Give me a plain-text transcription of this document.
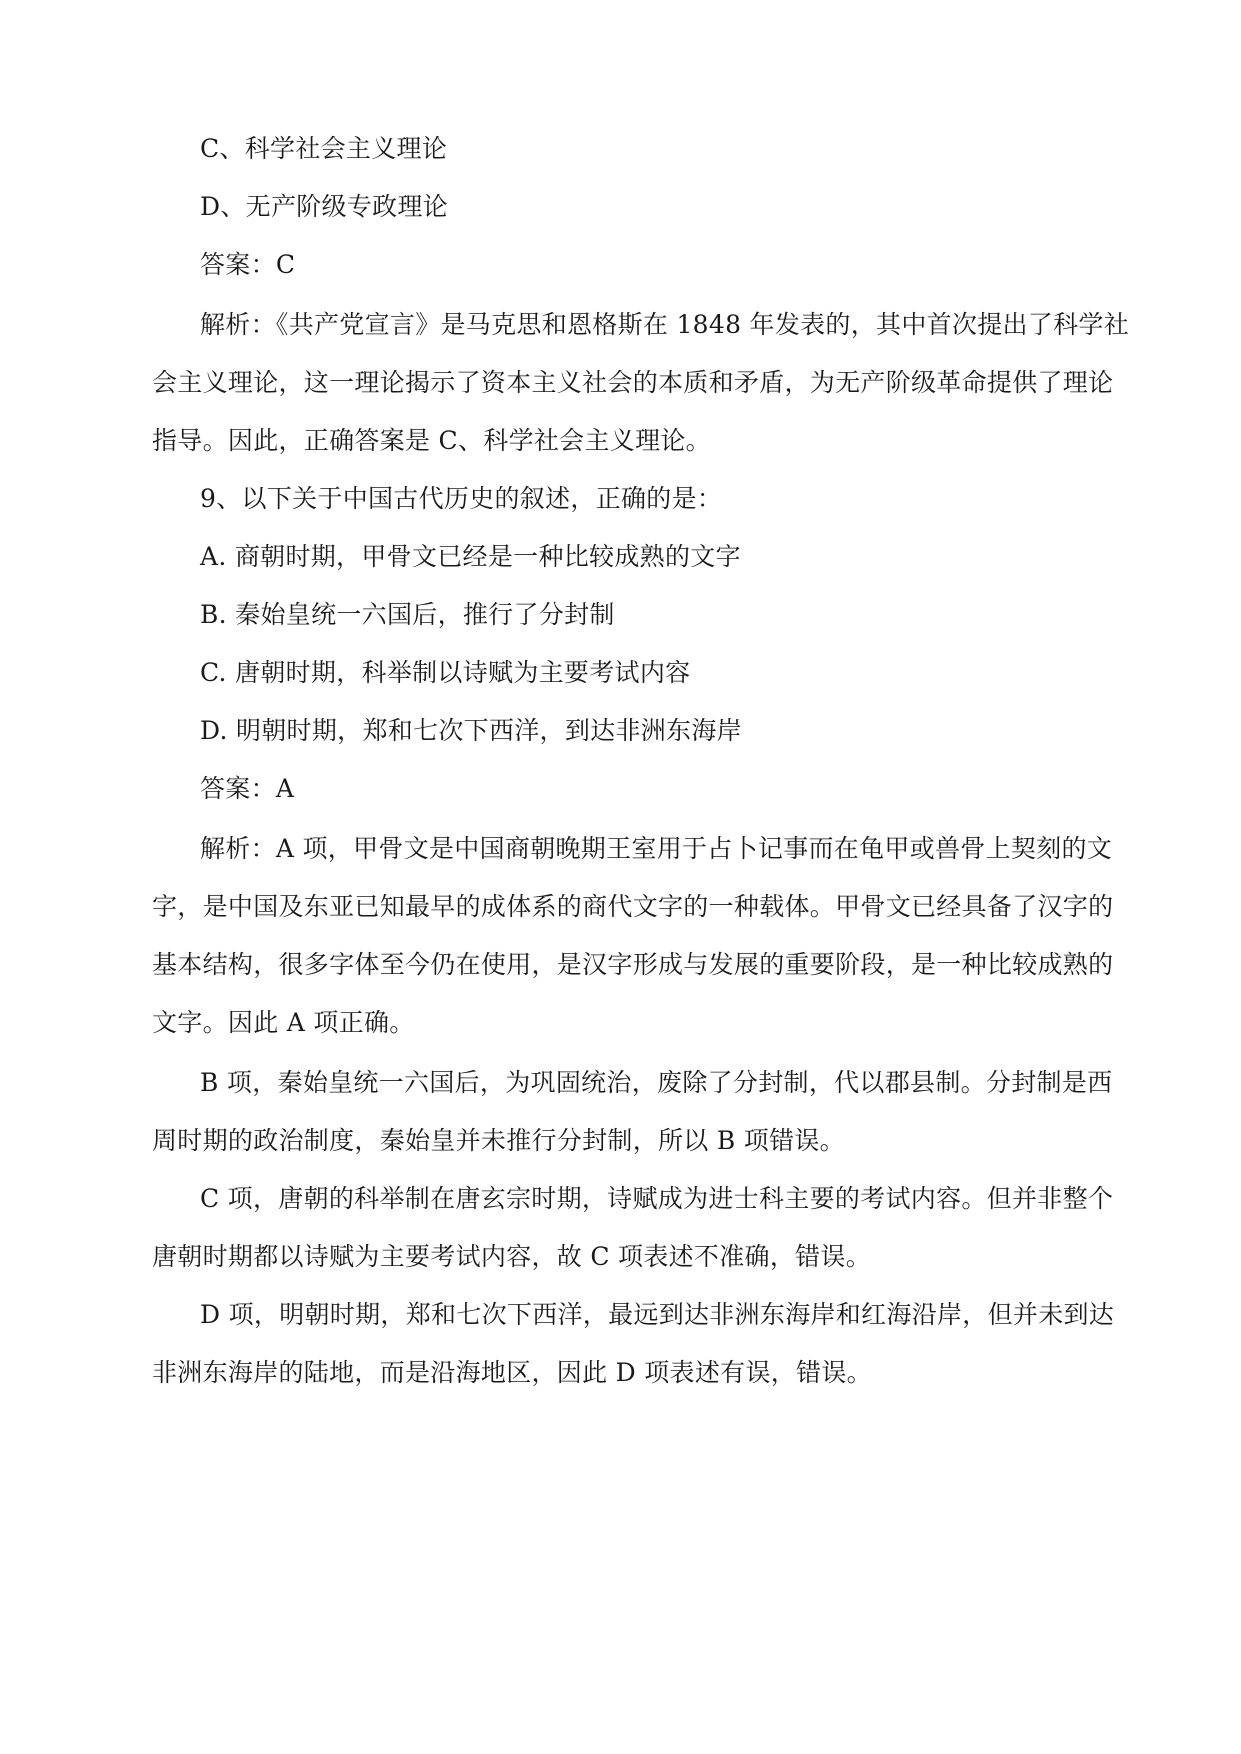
C、科学社会主义理论
D、无产阶级专政理论
答案：C
解析：《共产党宣言》是马克思和恩格斯在 1848 年发表的，其中首次提出了科学社
会主义理论，这一理论揭示了资本主义社会的本质和矛盾，为无产阶级革命提供了理论
指导。因此，正确答案是 C、科学社会主义理论。
9、以下关于中国古代历史的叙述，正确的是：
A. 商朝时期，甲骨文已经是一种比较成熟的文字
B. 秦始皇统一六国后，推行了分封制
C. 唐朝时期，科举制以诗赋为主要考试内容
D. 明朝时期，郑和七次下西洋，到达非洲东海岸
答案：A
解析：A 项，甲骨文是中国商朝晚期王室用于占卜记事而在龟甲或兽骨上契刻的文
字，是中国及东亚已知最早的成体系的商代文字的一种载体。甲骨文已经具备了汉字的
基本结构，很多字体至今仍在使用，是汉字形成与发展的重要阶段，是一种比较成熟的
文字。因此 A 项正确。
B 项，秦始皇统一六国后，为巩固统治，废除了分封制，代以郡县制。分封制是西
周时期的政治制度，秦始皇并未推行分封制，所以 B 项错误。
C 项，唐朝的科举制在唐玄宗时期，诗赋成为进士科主要的考试内容。但并非整个
唐朝时期都以诗赋为主要考试内容，故 C 项表述不准确，错误。
D 项，明朝时期，郑和七次下西洋，最远到达非洲东海岸和红海沿岸，但并未到达
非洲东海岸的陆地，而是沿海地区，因此 D 项表述有误，错误。
